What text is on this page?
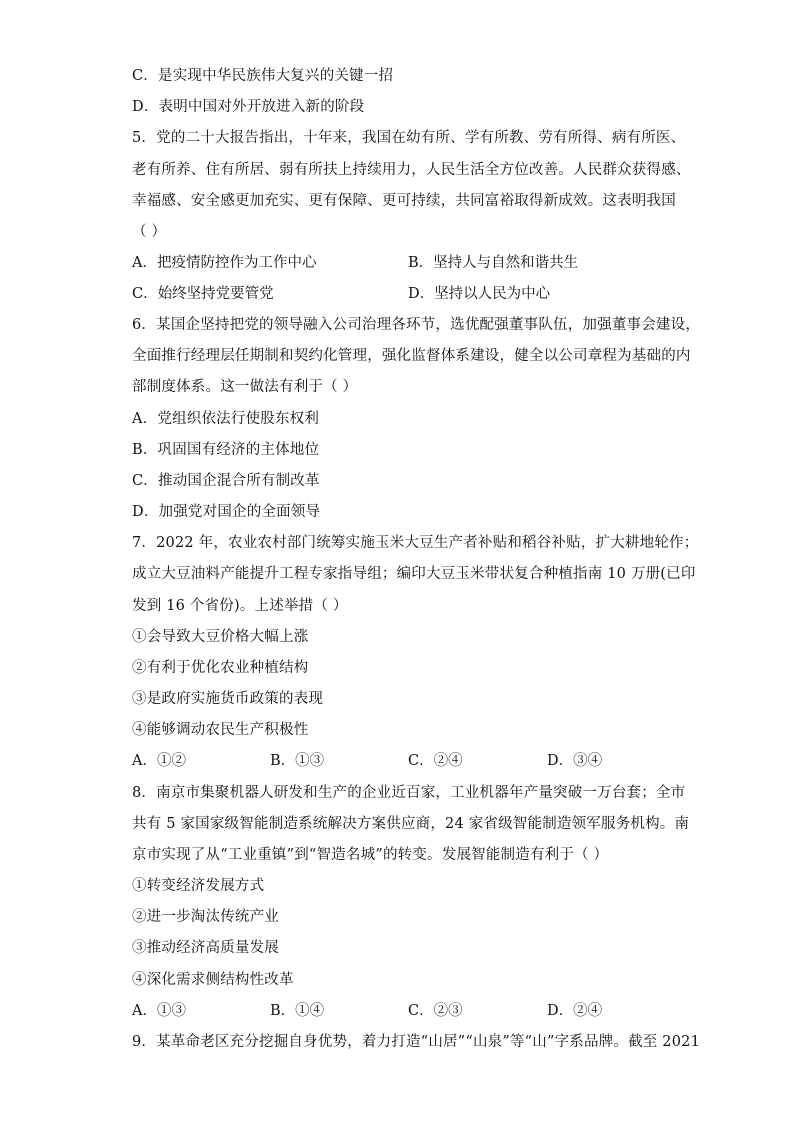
C．是实现中华民族伟大复兴的关键一招
D．表明中国对外开放进入新的阶段
5．党的二十大报告指出，十年来，我国在幼有所、学有所教、劳有所得、病有所医、
老有所养、住有所居、弱有所扶上持续用力，人民生活全方位改善。人民群众获得感、
幸福感、安全感更加充实、更有保障、更可持续，共同富裕取得新成效。这表明我国
（ ）
A．把疫情防控作为工作中心	B．坚持人与自然和谐共生
C．始终坚持党要管党	D．坚持以人民为中心
6．某国企坚持把党的领导融入公司治理各环节，选优配强董事队伍，加强董事会建设，
全面推行经理层任期制和契约化管理，强化监督体系建设，健全以公司章程为基础的内
部制度体系。这一做法有利于（ ）
A．党组织依法行使股东权利
B．巩固国有经济的主体地位
C．推动国企混合所有制改革
D．加强党对国企的全面领导
7．2022 年，农业农村部门统筹实施玉米大豆生产者补贴和稻谷补贴，扩大耕地轮作；
成立大豆油料产能提升工程专家指导组；编印大豆玉米带状复合种植指南 10 万册(已印
发到 16 个省份)。上述举措（ ）
①会导致大豆价格大幅上涨
②有利于优化农业种植结构
③是政府实施货币政策的表现
④能够调动农民生产积极性
A．①②	B．①③	C．②④	D．③④
8．南京市集聚机器人研发和生产的企业近百家，工业机器年产量突破一万台套；全市
共有 5 家国家级智能制造系统解决方案供应商，24 家省级智能制造领军服务机构。南
京市实现了从“工业重镇”到“智造名城”的转变。发展智能制造有利于（ ）
①转变经济发展方式
②进一步淘汰传统产业
③推动经济高质量发展
④深化需求侧结构性改革
A．①③	B．①④	C．②③	D．②④
9．某革命老区充分挖掘自身优势，着力打造“山居”“山泉”等“山”字系品牌。截至 2021
